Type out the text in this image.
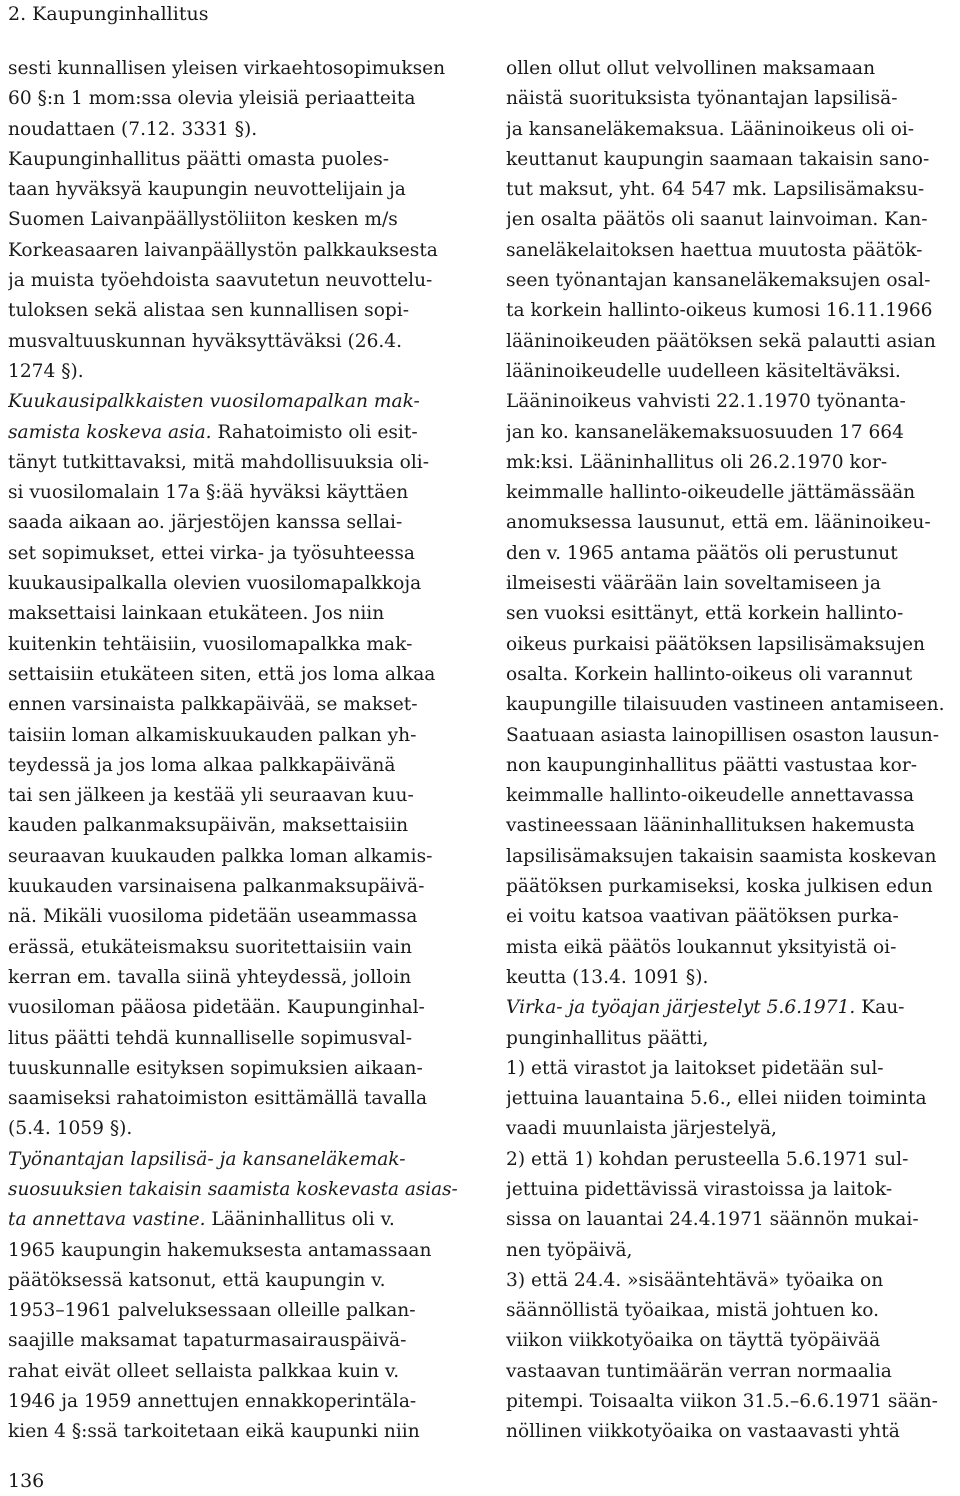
2. Kaupunginhallitus
sesti kunnallisen yleisen virkaehtosopimuksen
60 §:n 1 mom:ssa olevia yleisiä periaatteita
noudattaen (7.12. 3331 §).
Kaupunginhallitus päätti omasta puoles-
taan hyväksyä kaupungin neuvottelijain ja
Suomen Laivanpäällystöliiton kesken m/s
Korkeasaaren laivanpäällystön palkkauksesta
ja muista työehdoista saavutetun neuvottelu-
tuloksen sekä alistaa sen kunnallisen sopi-
musvaltuuskunnan hyväksyttäväksi (26.4.
1274 §).
Kuukausipalkkaisten vuosilomapalkan mak-
samista koskeva asia. Rahatoimisto oli esit-
tänyt tutkittavaksi, mitä mahdollisuuksia oli-
si vuosilomalain 17a §:ää hyväksi käyttäen
saada aikaan ao. järjestöjen kanssa sellai-
set sopimukset, ettei virka- ja työsuhteessa
kuukausipalkalla olevien vuosilomapalkkoja
maksettaisi lainkaan etukäteen. Jos niin
kuitenkin tehtäisiin, vuosilomapalkka mak-
settaisiin etukäteen siten, että jos loma alkaa
ennen varsinaista palkkapäivää, se makset-
taisiin loman alkamiskuukauden palkan yh-
teydessä ja jos loma alkaa palkkapäivänä
tai sen jälkeen ja kestää yli seuraavan kuu-
kauden palkanmaksupäivän, maksettaisiin
seuraavan kuukauden palkka loman alkamis-
kuukauden varsinaisena palkanmaksupäivä-
nä. Mikäli vuosiloma pidetään useammassa
erässä, etukäteismaksu suoritettaisiin vain
kerran em. tavalla siinä yhteydessä, jolloin
vuosiloman pääosa pidetään. Kaupunginhal-
litus päätti tehdä kunnalliselle sopimusval-
tuuskunnalle esityksen sopimuksien aikaan-
saamiseksi rahatoimiston esittämällä tavalla
(5.4. 1059 §).
Työnantajan lapsilisä- ja kansaneläkemak-
suosuuksien takaisin saamista koskevasta asias-
ta annettava vastine. Lääninhallitus oli v.
1965 kaupungin hakemuksesta antamassaan
päätöksessä katsonut, että kaupungin v.
1953–1961 palveluksessaan olleille palkan-
saajille maksamat tapaturmasairauspäivä-
rahat eivät olleet sellaista palkkaa kuin v.
1946 ja 1959 annettujen ennakkoperintäla-
kien 4 §:ssä tarkoitetaan eikä kaupunki niin
ollen ollut ollut velvollinen maksamaan
näistä suorituksista työnantajan lapsilisä-
ja kansaneläkemaksua. Lääninoikeus oli oi-
keuttanut kaupungin saamaan takaisin sano-
tut maksut, yht. 64 547 mk. Lapsilisämaksu-
jen osalta päätös oli saanut lainvoiman. Kan-
saneläkelaitoksen haettua muutosta päätök-
seen työnantajan kansaneläkemaksujen osal-
ta korkein hallinto-oikeus kumosi 16.11.1966
lääninoikeuden päätöksen sekä palautti asian
lääninoikeudelle uudelleen käsiteltäväksi.
Lääninoikeus vahvisti 22.1.1970 työnanta-
jan ko. kansaneläkemaksuosuuden 17 664
mk:ksi. Lääninhallitus oli 26.2.1970 kor-
keimmalle hallinto-oikeudelle jättämässään
anomuksessa lausunut, että em. lääninoikeu-
den v. 1965 antama päätös oli perustunut
ilmeisesti väärään lain soveltamiseen ja
sen vuoksi esittänyt, että korkein hallinto-
oikeus purkaisi päätöksen lapsilisämaksujen
osalta. Korkein hallinto-oikeus oli varannut
kaupungille tilaisuuden vastineen antamiseen.
Saatuaan asiasta lainopillisen osaston lausun-
non kaupunginhallitus päätti vastustaa kor-
keimmalle hallinto-oikeudelle annettavassa
vastineessaan lääninhallituksen hakemusta
lapsilisämaksujen takaisin saamista koskevan
päätöksen purkamiseksi, koska julkisen edun
ei voitu katsoa vaativan päätöksen purka-
mista eikä päätös loukannut yksityistä oi-
keutta (13.4. 1091 §).
Virka- ja työajan järjestelyt 5.6.1971. Kau-
punginhallitus päätti,
1) että virastot ja laitokset pidetään sul-
jettuina lauantaina 5.6., ellei niiden toiminta
vaadi muunlaista järjestelyä,
2) että 1) kohdan perusteella 5.6.1971 sul-
jettuina pidettävissä virastoissa ja laitok-
sissa on lauantai 24.4.1971 säännön mukai-
nen työpäivä,
3) että 24.4. »sisääntehtävä» työaika on
säännöllistä työaikaa, mistä johtuen ko.
viikon viikkotyöaika on täyttä työpäivää
vastaavan tuntimäärän verran normaalia
pitempi. Toisaalta viikon 31.5.–6.6.1971 sään-
nöllinen viikkotyöaika on vastaavasti yhtä
136
